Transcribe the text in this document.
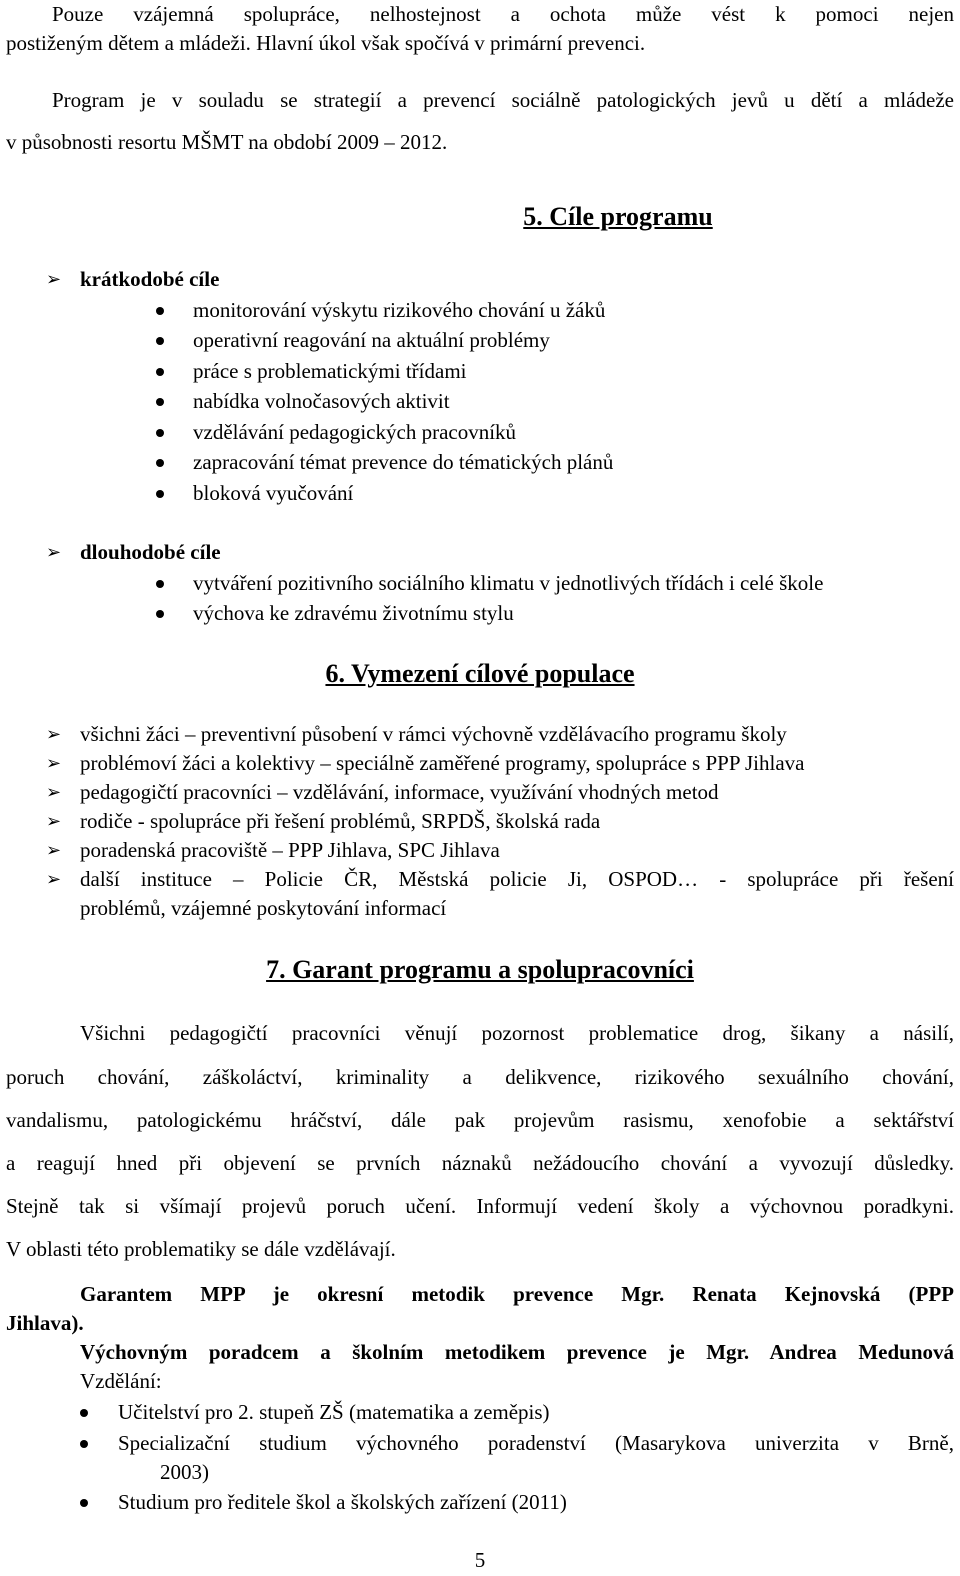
Pouze vzájemná spolupráce, nelhostejnost a ochota může vést k pomoci nejen
postiženým dětem a mládeži. Hlavní úkol však spočívá v primární prevenci.
Program je v souladu se strategií a prevencí sociálně patologických jevů u dětí a mládeže
v působnosti resortu MŠMT na období 2009 – 2012.
5. Cíle programu
➢ krátkodobé cíle
monitorování výskytu rizikového chování u žáků
operativní reagování na aktuální problémy
práce s problematickými třídami
nabídka volnočasových aktivit
vzdělávání pedagogických pracovníků
zapracování témat prevence do tématických plánů
bloková vyučování
➢ dlouhodobé cíle
vytváření pozitivního sociálního klimatu v jednotlivých třídách i celé škole
výchova ke zdravému životnímu stylu
6. Vymezení cílové populace
➢ všichni žáci – preventivní působení v rámci výchovně vzdělávacího programu školy
➢ problémoví žáci a kolektivy – speciálně zaměřené programy, spolupráce s PPP Jihlava
➢ pedagogičtí pracovníci – vzdělávání, informace, využívání vhodných metod
➢ rodiče - spolupráce při řešení problémů, SRPDŠ, školská rada
➢ poradenská pracoviště – PPP Jihlava, SPC Jihlava
➢ další instituce – Policie ČR, Městská policie Ji, OSPOD… - spolupráce při řešení
problémů, vzájemné poskytování informací
7. Garant programu a spolupracovníci
Všichni pedagogičtí pracovníci věnují pozornost problematice drog, šikany a násilí,
poruch chování, záškoláctví, kriminality a delikvence, rizikového sexuálního chování,
vandalismu, patologickému hráčství, dále pak projevům rasismu, xenofobie a sektářství
a reagují hned při objevení se prvních náznaků nežádoucího chování a vyvozují důsledky.
Stejně tak si všímají projevů poruch učení. Informují vedení školy a výchovnou poradkyni.
V oblasti této problematiky se dále vzdělávají.
Garantem MPP je okresní metodik prevence Mgr. Renata Kejnovská (PPP
Jihlava).
Výchovným poradcem a školním metodikem prevence je Mgr. Andrea Medunová
Vzdělání:
Učitelství pro 2. stupeň ZŠ (matematika a zeměpis)
Specializační studium výchovného poradenství (Masarykova univerzita v Brně,
2003)
Studium pro ředitele škol a školských zařízení (2011)
5
